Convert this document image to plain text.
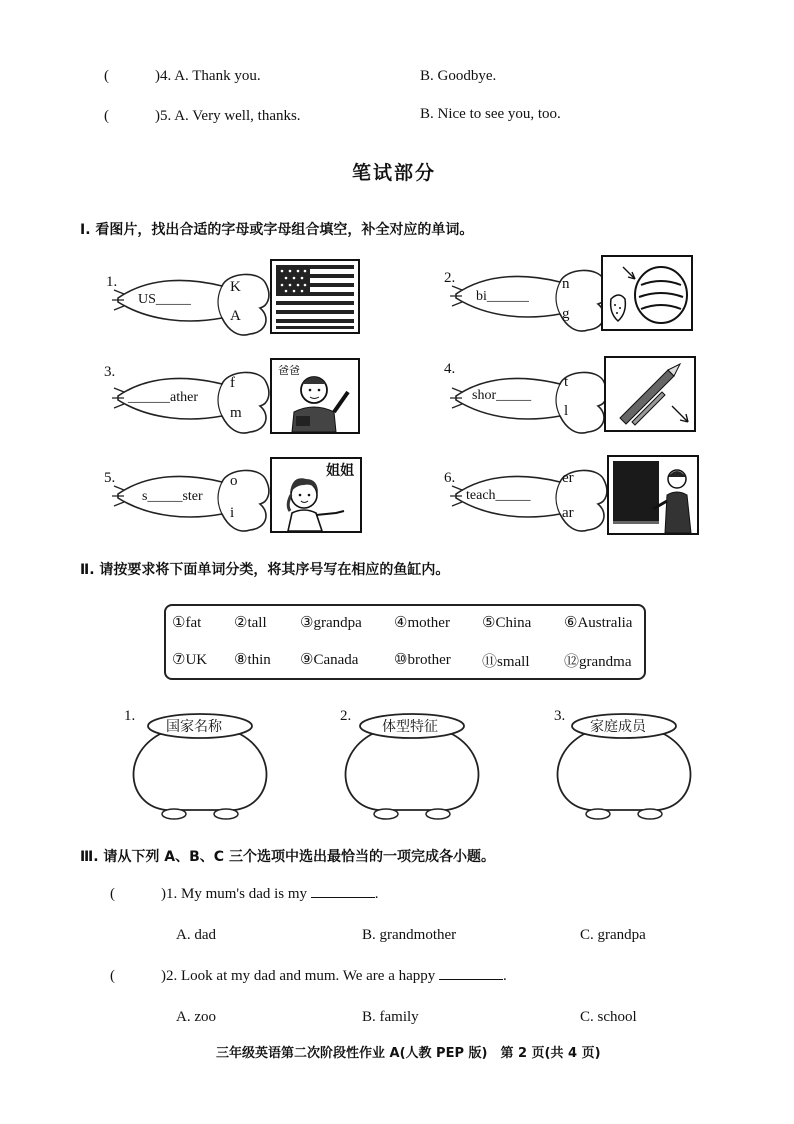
(	)4. A. Thank you.	B. Goodbye.
(	)5. A. Very well, thanks.	B. Nice to see you, too.
笔试部分
Ⅰ. 看图片，找出合适的字母或字母组合填空，补全对应的单词。
1.
US_____
K
A
2.
bi______
n
g
3.
______ather
f
m
爸爸	4.
shor_____
t
l
5.
s_____ster
o
i
姐姐	6.
teach_____
er
ar
Ⅱ. 请按要求将下面单词分类，将其序号写在相应的鱼缸内。
①fat ②tall ③grandpa ④mother ⑤China ⑥Australia
⑦UK ⑧thin ⑨Canada ⑩brother ⑪small ⑫grandma
1.
国家名称
2.
体型特征
3.
家庭成员
Ⅲ. 请从下列 A、B、C 三个选项中选出最恰当的一项完成各小题。
(	)1. My mum's dad is my	.
A. dad	B. grandmother	C. grandpa
(	)2. Look at my dad and mum. We are a happy	.
A. zoo	B. family	C. school
三年级英语第二次阶段性作业 A(人教 PEP 版)　第 2 页(共 4 页)
